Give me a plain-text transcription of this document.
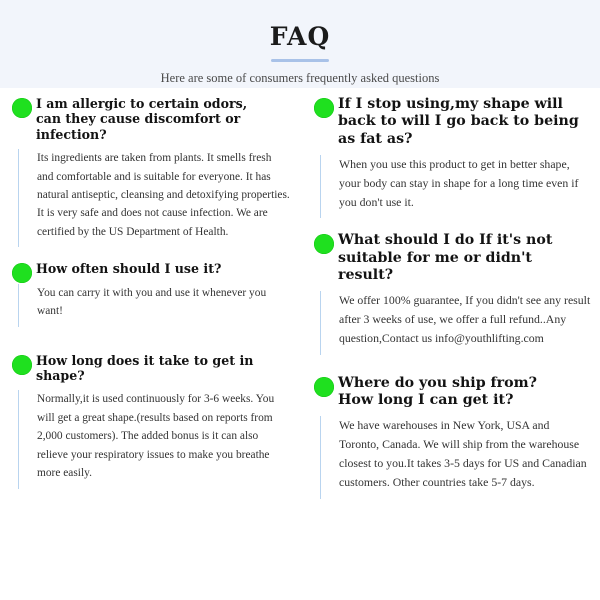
FAQ
Here are some of consumers frequently asked questions
I am allergic to certain odors,
can they cause discomfort or infection?
Its ingredients are taken from plants. It smells fresh and comfortable and is suitable for everyone. It has natural antiseptic, cleansing and detoxifying properties. It is very safe and does not cause infection. We are certified by the US Department of Health.
How often should I use it?
You can carry it with you and use it whenever you want!
How long does it take to get in shape?
Normally,it is used continuously for 3-6 weeks. You will get a great shape.(results based on reports from 2,000 customers). The added bonus is it can also relieve your respiratory issues to make you breathe more easily.
If I stop using,my shape will
back to will I go back to being
as fat as?
When you use this product to get in better shape, your body can stay in shape for a long time even if you don't use it.
What should I do If it's not
suitable for me or didn't
result?
We offer 100% guarantee, If you didn't see any result after 3 weeks of use, we offer a full refund..Any question,Contact us info@youthlifting.com
Where do you ship from?
How long I can get it?
We have warehouses in New York, USA and Toronto, Canada. We will ship from the warehouse closest to you.It takes 3-5 days for US and Canadian customers. Other countries take 5-7 days.
